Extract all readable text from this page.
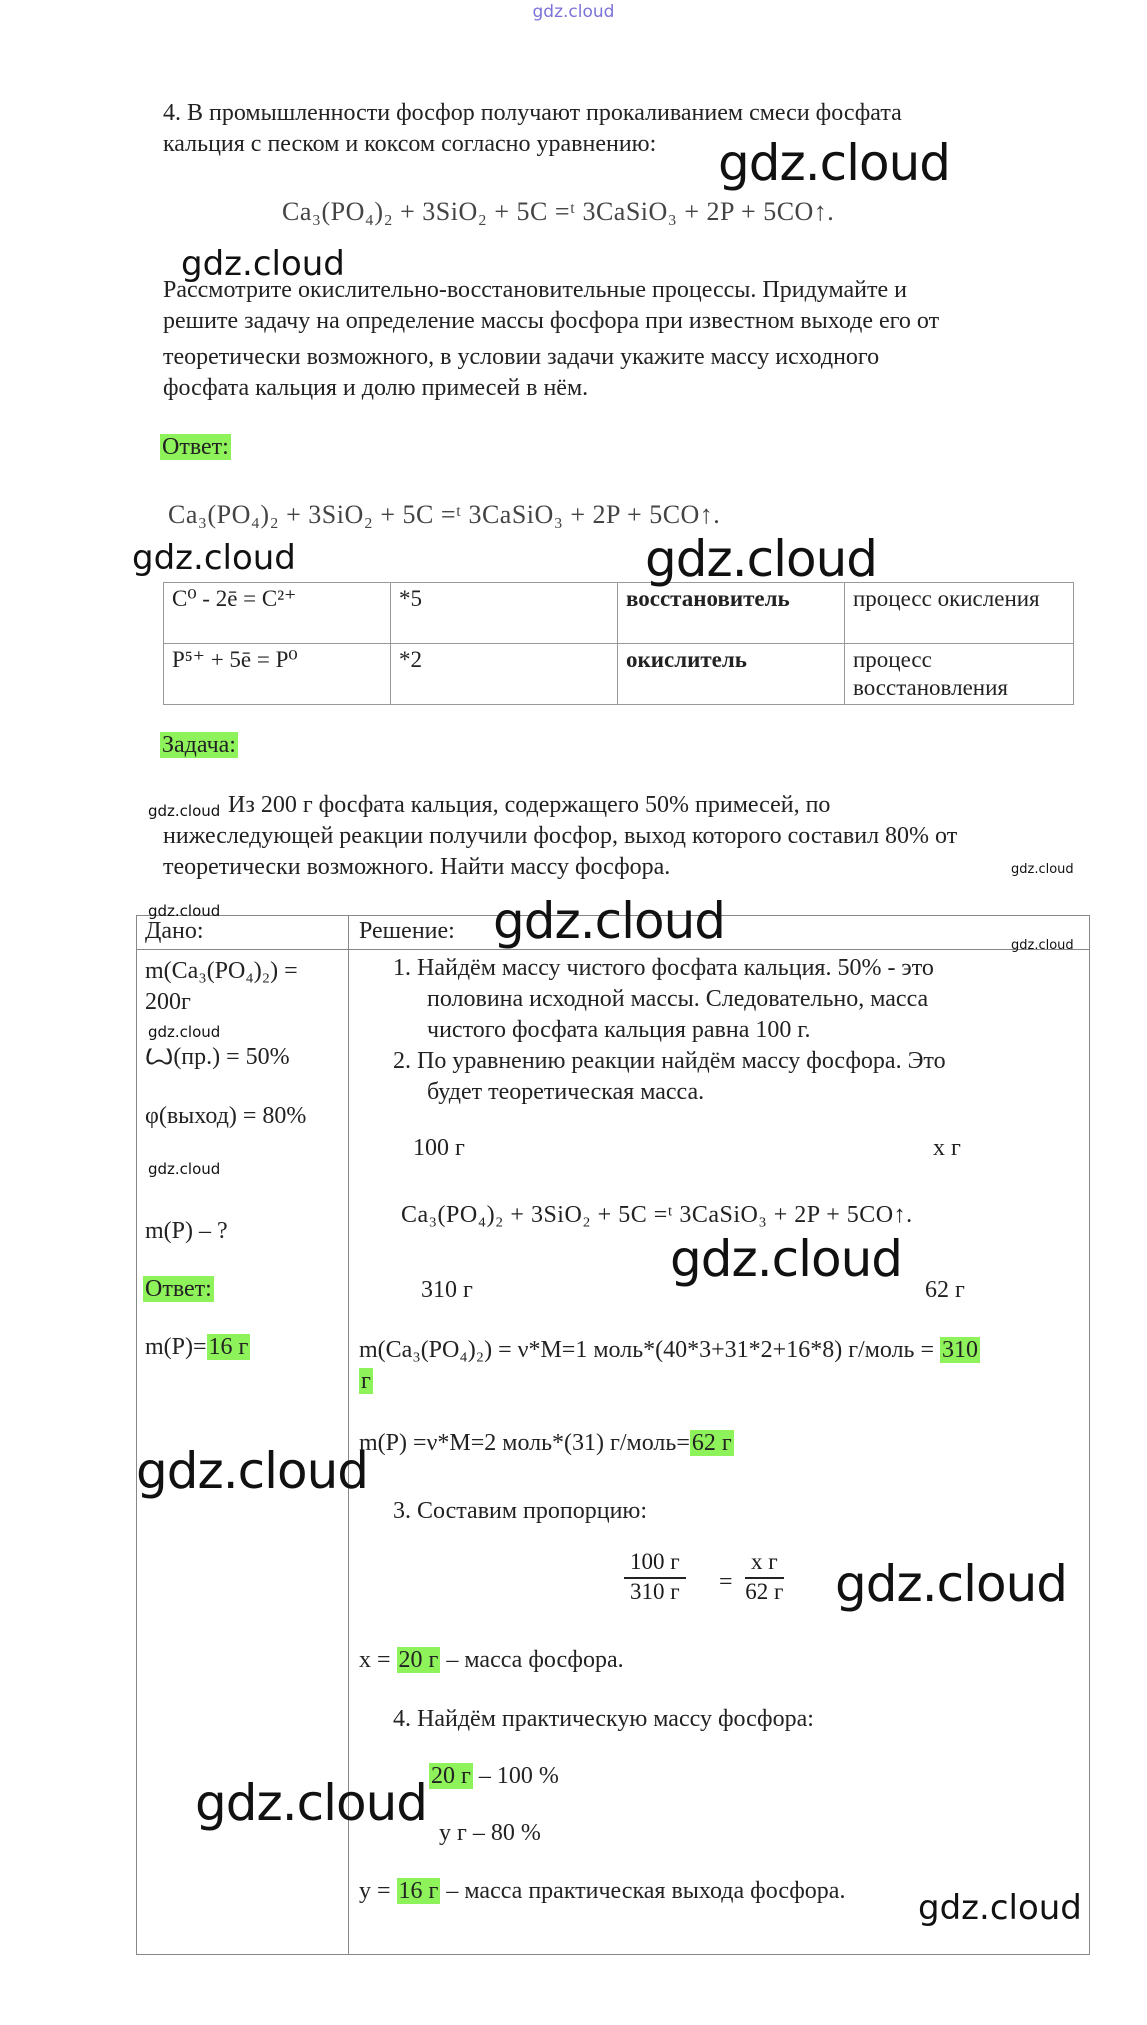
gdz.cloud
4. В промышленности фосфор получают прокаливанием смеси фосфата
кальция с песком и коксом согласно уравнению:
Ca₃(PO₄)₂ + 3SiO₂ + 5C =ᵗ 3CaSiO₃ + 2P + 5CO↑.
Рассмотрите окислительно-восстановительные процессы. Придумайте и
решите задачу на определение массы фосфора при известном выходе его от
теоретически возможного, в условии задачи укажите массу исходного
фосфата кальция и долю примесей в нём.
Ответ:
Ca₃(PO₄)₂ + 3SiO₂ + 5C =ᵗ 3CaSiO₃ + 2P + 5CO↑.
C⁰ - 2ē = C²⁺	*5	восстановитель	процесс окисления
P⁵⁺ + 5ē = P⁰	*2	окислитель	процесс восстановления
Задача:
Из 200 г фосфата кальция, содержащего 50% примесей, по
нижеследующей реакции получили фосфор, выход которого составил 80% от
теоретически возможного. Найти массу фосфора.
Дано:
m(Ca₃(PO₄)₂) =
200г
Ꙍ(пр.) = 50%
φ(выход) = 80%
m(P) – ?
Ответ:
m(P)=16 г
Решение:
1. Найдём массу чистого фосфата кальция. 50% - это
половина исходной массы. Следовательно, масса
чистого фосфата кальция равна 100 г.
2. По уравнению реакции найдём массу фосфора. Это
будет теоретическая масса.
100 г	x г
Ca₃(PO₄)₂ + 3SiO₂ + 5C =ᵗ 3CaSiO₃ + 2P + 5CO↑.
310 г	62 г
m(Ca₃(PO₄)₂) = ν*M=1 моль*(40*3+31*2+16*8) г/моль = 310
г
m(P) =ν*M=2 моль*(31) г/моль=62 г
3. Составим пропорцию:
100 г
310 г =
x г
62 г
x = 20 г – масса фосфора.
4. Найдём практическую массу фосфора:
20 г – 100 %
y г – 80 %
y = 16 г – масса практическая выхода фосфора.
gdz.cloud
gdz.cloud
gdz.cloud	gdz.cloud
gdz.cloud
gdz.cloud
gdz.cloud	gdz.cloud	gdz.cloud
gdz.cloud
gdz.cloud
gdz.cloud
gdz.cloud
gdz.cloud
gdz.cloud
gdz.cloud
